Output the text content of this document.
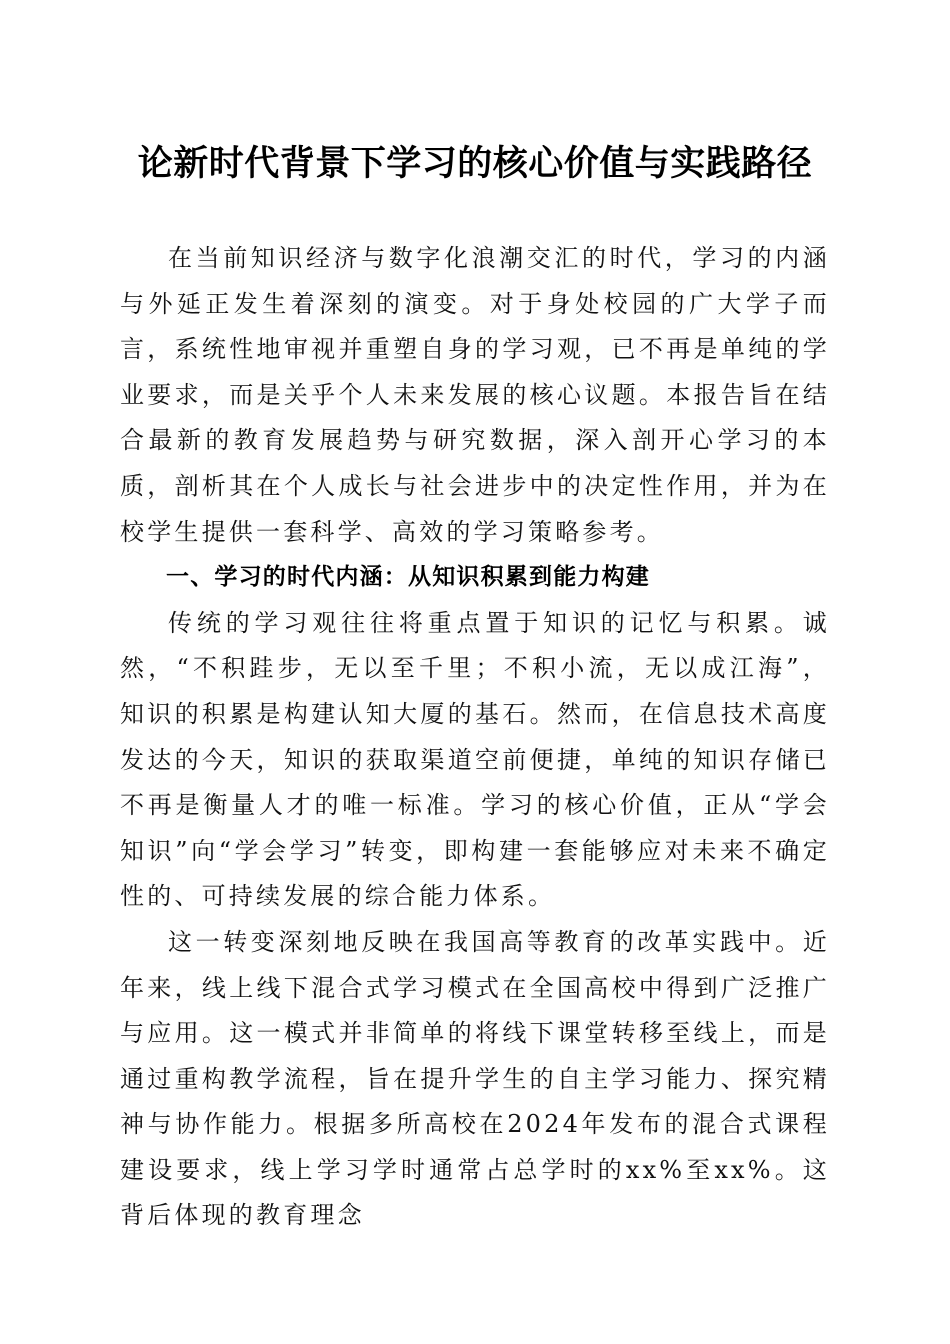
论新时代背景下学习的核心价值与实践路径

在当前知识经济与数字化浪潮交汇的时代，学习的内涵与外延正发生着深刻的演变。对于身处校园的广大学子而言，系统性地审视并重塑自身的学习观，已不再是单纯的学业要求，而是关乎个人未来发展的核心议题。本报告旨在结合最新的教育发展趋势与研究数据，深入剖开心学习的本质，剖析其在个人成长与社会进步中的决定性作用，并为在校学生提供一套科学、高效的学习策略参考。

一、学习的时代内涵：从知识积累到能力构建

传统的学习观往往将重点置于知识的记忆与积累。诚然，“不积跬步，无以至千里；不积小流，无以成江海”，知识的积累是构建认知大厦的基石。然而，在信息技术高度发达的今天，知识的获取渠道空前便捷，单纯的知识存储已不再是衡量人才的唯一标准。学习的核心价值，正从“学会知识”向“学会学习”转变，即构建一套能够应对未来不确定性的、可持续发展的综合能力体系。

这一转变深刻地反映在我国高等教育的改革实践中。近年来，线上线下混合式学习模式在全国高校中得到广泛推广与应用。这一模式并非简单的将线下课堂转移至线上，而是通过重构教学流程，旨在提升学生的自主学习能力、探究精神与协作能力。根据多所高校在2024年发布的混合式课程建设要求，线上学习学时通常占总学时的xx%至xx%。这背后体现的教育理念
